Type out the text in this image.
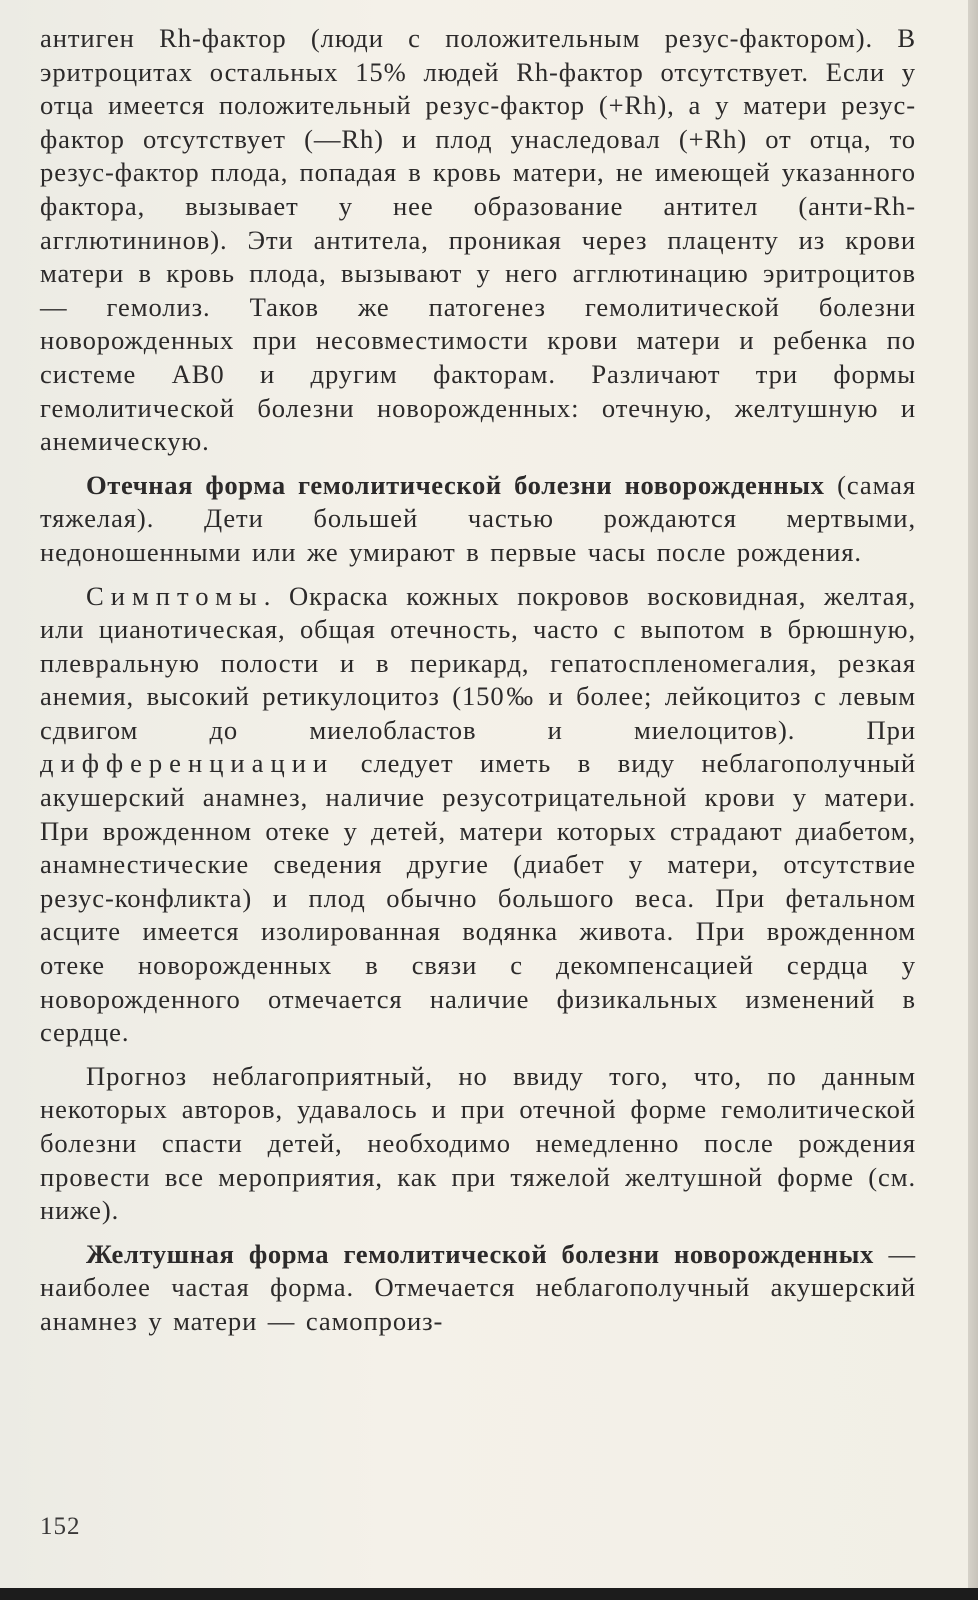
антиген Rh-фактор (люди с положительным резус-фактором). В эритроцитах остальных 15% людей Rh-фактор отсутствует. Если у отца имеется положительный резус-фактор (+Rh), а у матери резус-фактор отсутствует (—Rh) и плод унаследовал (+Rh) от отца, то резус-фактор плода, попадая в кровь матери, не имеющей указанного фактора, вызывает у нее образование антител (анти-Rh-агглютининов). Эти антитела, проникая через плаценту из крови матери в кровь плода, вызывают у него агглютинацию эритроцитов — гемолиз. Таков же патогенез гемолитической болезни новорожденных при несовместимости крови матери и ребенка по системе AB0 и другим факторам. Различают три формы гемолитической болезни новорожденных: отечную, желтушную и анемическую.

Отечная форма гемолитической болезни новорожденных (самая тяжелая). Дети большей частью рождаются мертвыми, недоношенными или же умирают в первые часы после рождения.

Симптомы. Окраска кожных покровов восковидная, желтая, или цианотическая, общая отечность, часто с выпотом в брюшную, плевральную полости и в перикард, гепатоспленомегалия, резкая анемия, высокий ретикулоцитоз (150‰ и более; лейкоцитоз с левым сдвигом до миелобластов и миелоцитов). При дифференциации следует иметь в виду неблагополучный акушерский анамнез, наличие резусотрицательной крови у матери. При врожденном отеке у детей, матери которых страдают диабетом, анамнестические сведения другие (диабет у матери, отсутствие резус-конфликта) и плод обычно большого веса. При фетальном асците имеется изолированная водянка живота. При врожденном отеке новорожденных в связи с декомпенсацией сердца у новорожденного отмечается наличие физикальных изменений в сердце.

Прогноз неблагоприятный, но ввиду того, что, по данным некоторых авторов, удавалось и при отечной форме гемолитической болезни спасти детей, необходимо немедленно после рождения провести все мероприятия, как при тяжелой желтушной форме (см. ниже).

Желтушная форма гемолитической болезни новорожденных — наиболее частая форма. Отмечается неблагополучный акушерский анамнез у матери — самопроиз-

152
